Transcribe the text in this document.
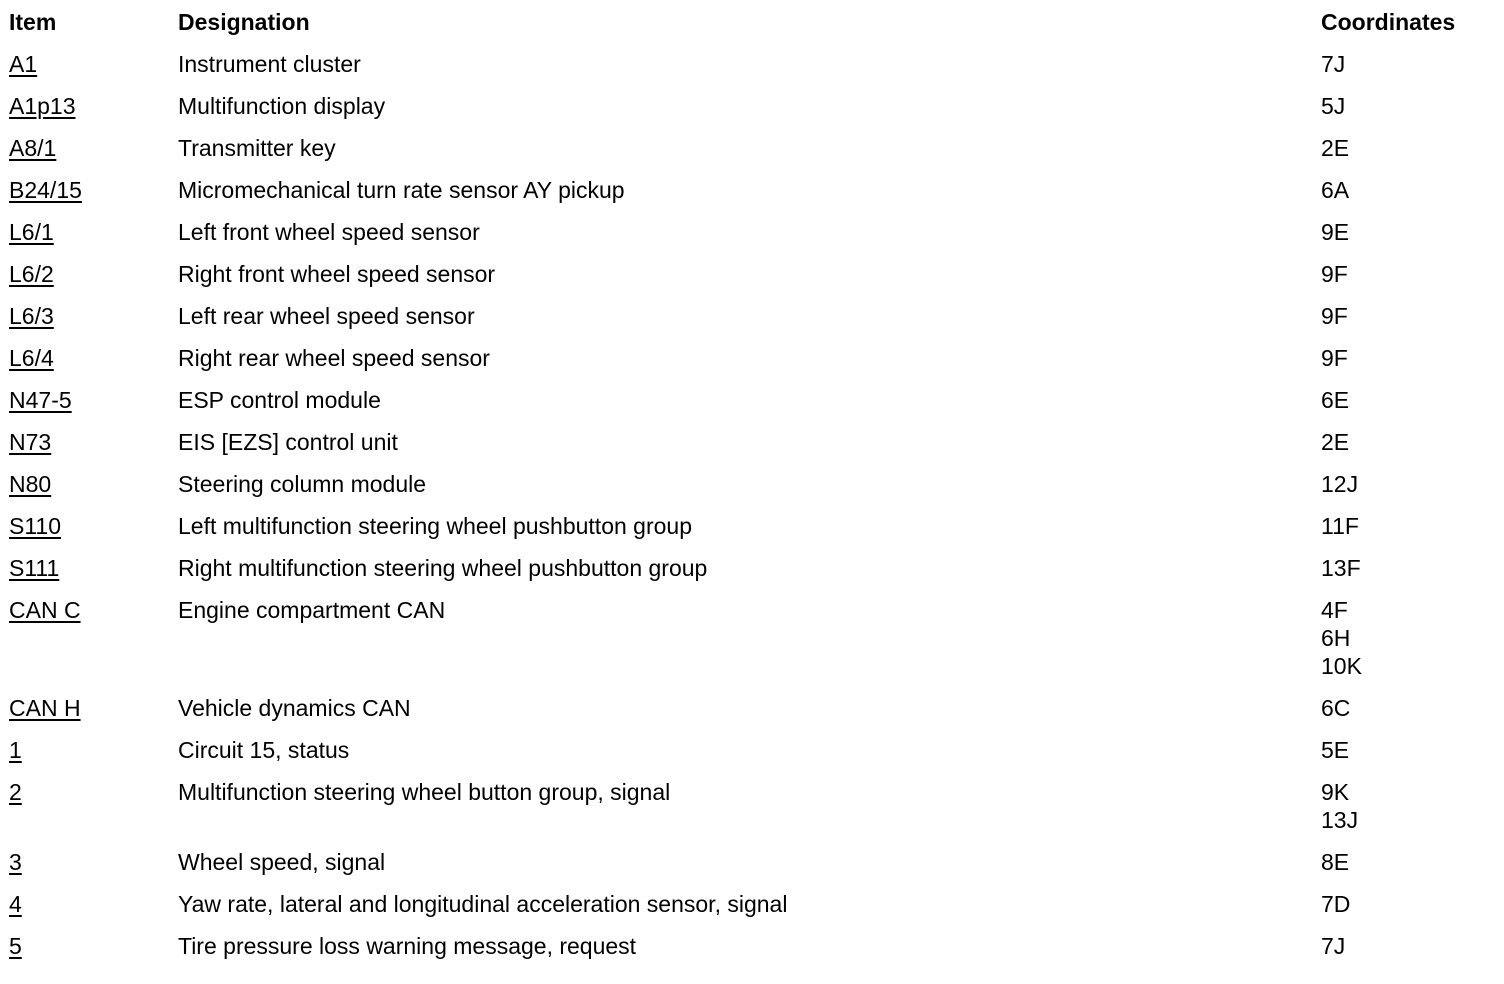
Item	Designation	Coordinates
A1	Instrument cluster	7J
A1p13	Multifunction display	5J
A8/1	Transmitter key	2E
B24/15	Micromechanical turn rate sensor AY pickup	6A
L6/1	Left front wheel speed sensor	9E
L6/2	Right front wheel speed sensor	9F
L6/3	Left rear wheel speed sensor	9F
L6/4	Right rear wheel speed sensor	9F
N47-5	ESP control module	6E
N73	EIS [EZS] control unit	2E
N80	Steering column module	12J
S110	Left multifunction steering wheel pushbutton group	11F
S111	Right multifunction steering wheel pushbutton group	13F
CAN C	Engine compartment CAN	4F
6H
10K
CAN H	Vehicle dynamics CAN	6C
1	Circuit 15, status	5E
2	Multifunction steering wheel button group, signal	9K
13J
3	Wheel speed, signal	8E
4	Yaw rate, lateral and longitudinal acceleration sensor, signal	7D
5	Tire pressure loss warning message, request	7J
